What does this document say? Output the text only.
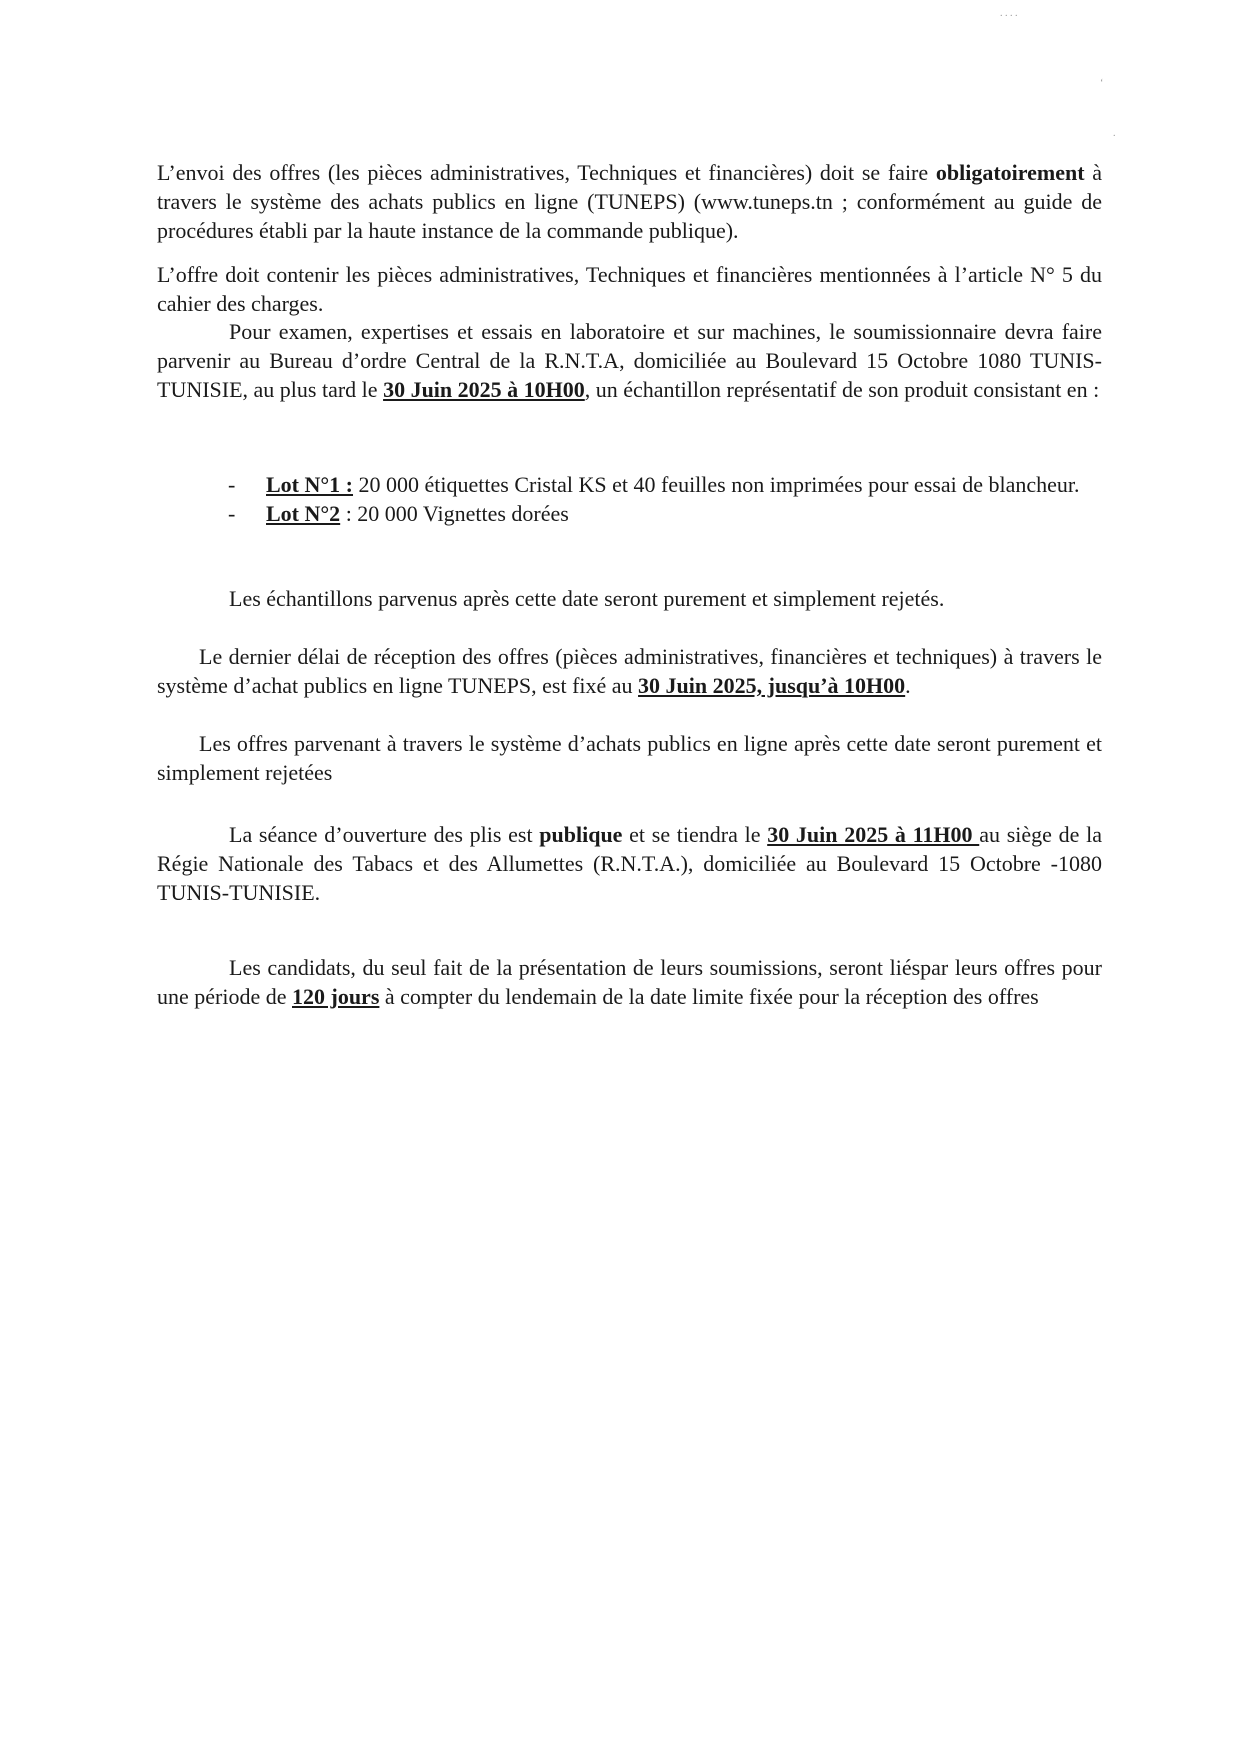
. . . .
‘
.

L’envoi des offres (les pièces administratives, Techniques et financières) doit se faire obligatoirement à travers le système des achats publics en ligne (TUNEPS) (www.tuneps.tn ; conformément au guide de procédures établi par la haute instance de la commande publique).

L’offre doit contenir les pièces administratives, Techniques et financières mentionnées à l’article N° 5 du cahier des charges.

Pour examen, expertises et essais en laboratoire et sur machines, le soumissionnaire devra faire parvenir au Bureau d’ordre Central de la R.N.T.A, domiciliée au Boulevard 15 Octobre 1080 TUNIS-TUNISIE, au plus tard le 30 Juin 2025 à 10H00, un échantillon représentatif de son produit consistant en :

- Lot N°1 : 20 000 étiquettes Cristal KS et 40 feuilles non imprimées pour essai de blancheur.
- Lot N°2 : 20 000 Vignettes dorées

Les échantillons parvenus après cette date seront purement et simplement rejetés.

Le dernier délai de réception des offres (pièces administratives, financières et techniques) à travers le système d’achat publics en ligne TUNEPS, est fixé au 30 Juin 2025, jusqu’à 10H00.

Les offres parvenant à travers le système d’achats publics en ligne après cette date seront purement et simplement rejetées

La séance d’ouverture des plis est publique et se tiendra le 30 Juin 2025 à 11H00 au siège de la Régie Nationale des Tabacs et des Allumettes (R.N.T.A.), domiciliée au Boulevard 15 Octobre -1080 TUNIS-TUNISIE.

Les candidats, du seul fait de la présentation de leurs soumissions, seront liéspar leurs offres pour une période de 120 jours à compter du lendemain de la date limite fixée pour la réception des offres
